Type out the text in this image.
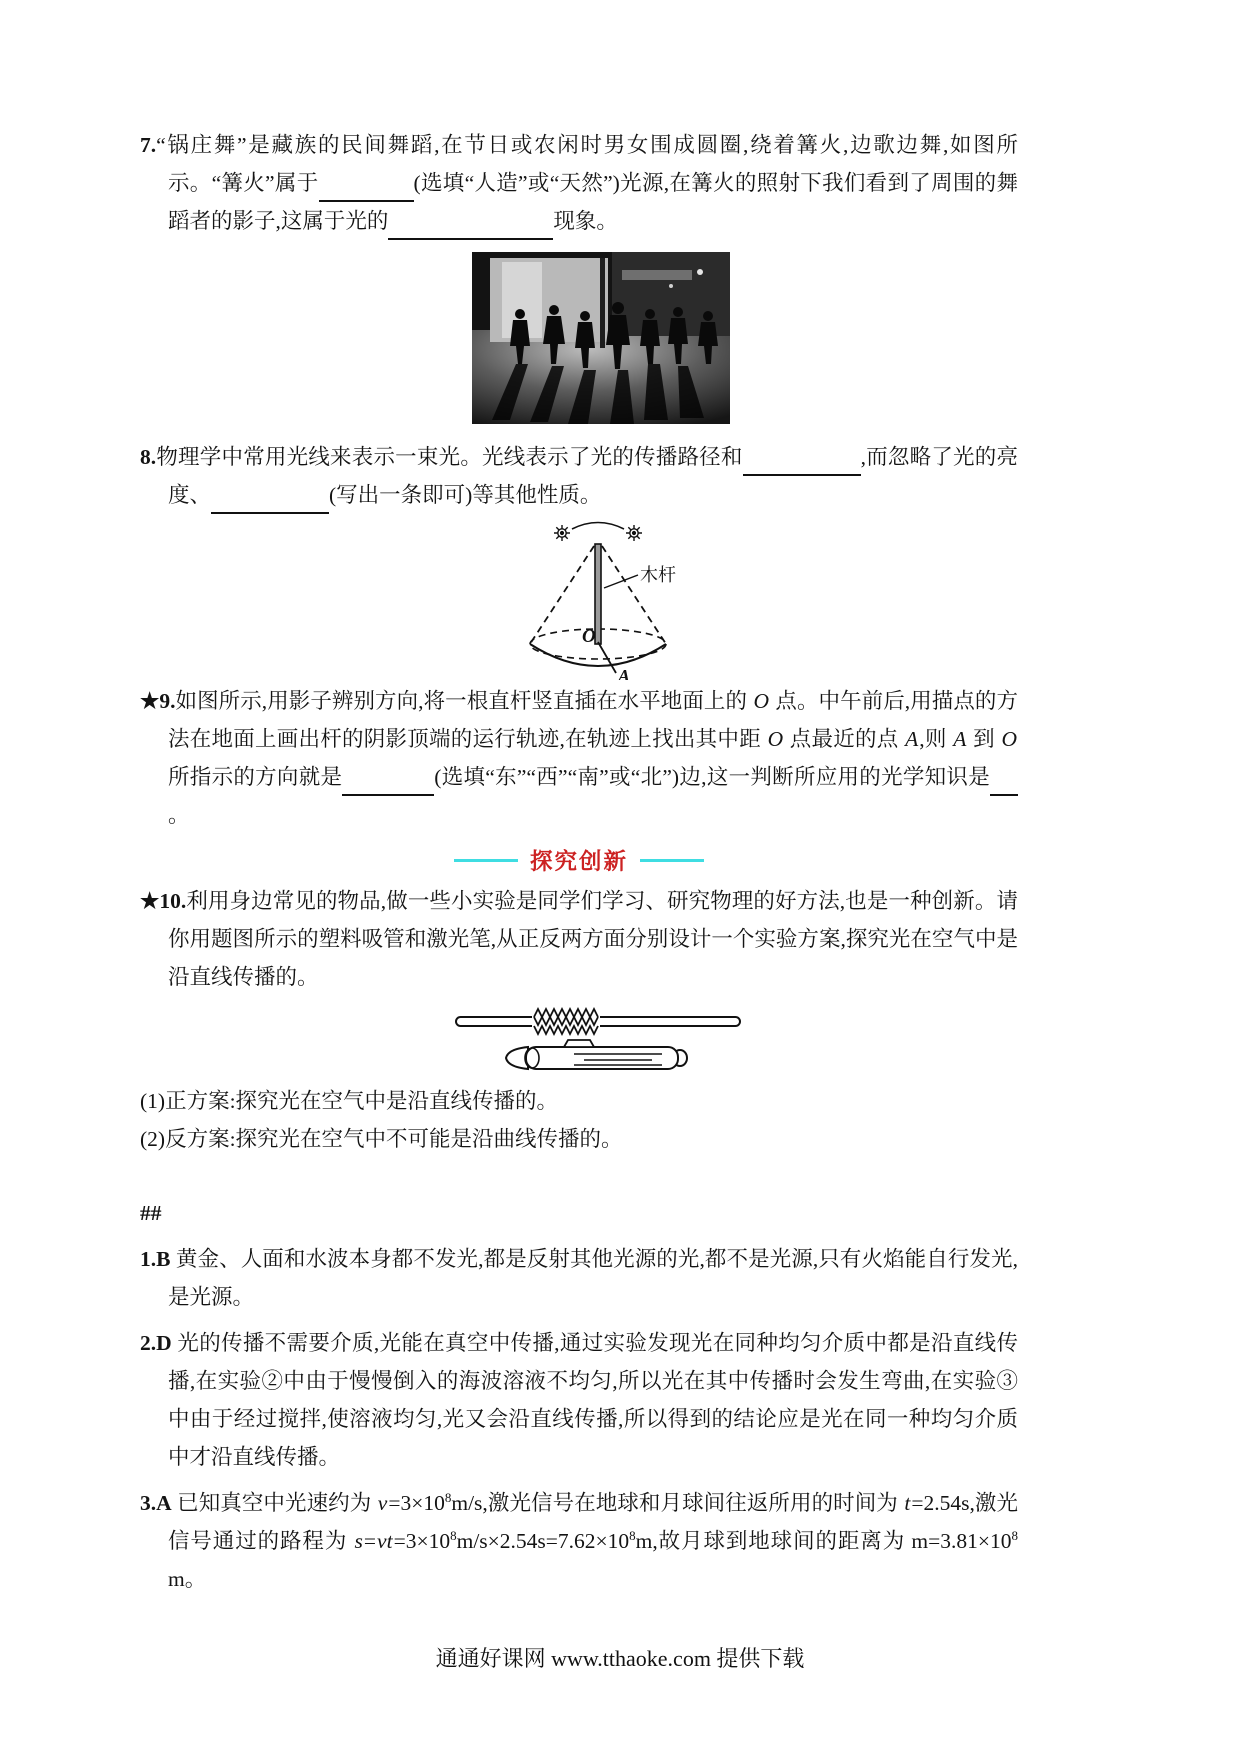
7.“锅庄舞”是藏族的民间舞蹈,在节日或农闲时男女围成圆圈,绕着篝火,边歌边舞,如图所示。“篝火”属于	(选填“人造”或“天然”)光源,在篝火的照射下我们看到了周围的舞蹈者的影子,这属于光的	现象。

8.物理学中常用光线来表示一束光。光线表示了光的传播路径和	,而忽略了光的亮度、	(写出一条即可)等其他性质。

O
A
木杆

★9.如图所示,用影子辨别方向,将一根直杆竖直插在水平地面上的 O 点。中午前后,用描点的方法在地面上画出杆的阴影顶端的运行轨迹,在轨迹上找出其中距 O 点最近的点 A,则 A 到 O 所指示的方向就是	(选填“东”“西”“南”或“北”)边,这一判断所应用的光学知识是。

探究创新

★10.利用身边常见的物品,做一些小实验是同学们学习、研究物理的好方法,也是一种创新。请你用题图所示的塑料吸管和激光笔,从正反两方面分别设计一个实验方案,探究光在空气中是沿直线传播的。

(1)正方案:探究光在空气中是沿直线传播的。

(2)反方案:探究光在空气中不可能是沿曲线传播的。

##

1.B 黄金、人面和水波本身都不发光,都是反射其他光源的光,都不是光源,只有火焰能自行发光,是光源。

2.D 光的传播不需要介质,光能在真空中传播,通过实验发现光在同种均匀介质中都是沿直线传播,在实验②中由于慢慢倒入的海波溶液不均匀,所以光在其中传播时会发生弯曲,在实验③中由于经过搅拌,使溶液均匀,光又会沿直线传播,所以得到的结论应是光在同一种均匀介质中才沿直线传播。

3.A 已知真空中光速约为 $v=3\times 10^8m/s$,激光信号在地球和月球间往返所用的时间为 t=2.54s,激光信号通过的路程为 $s=vt=3\times 10^8m/s\times 2.54s=7.62\times 10^8m$,故月球到地球间的距离为 $m=3.81\times 10^8m$。

通通好课网 www.tthaoke.com 提供下载
